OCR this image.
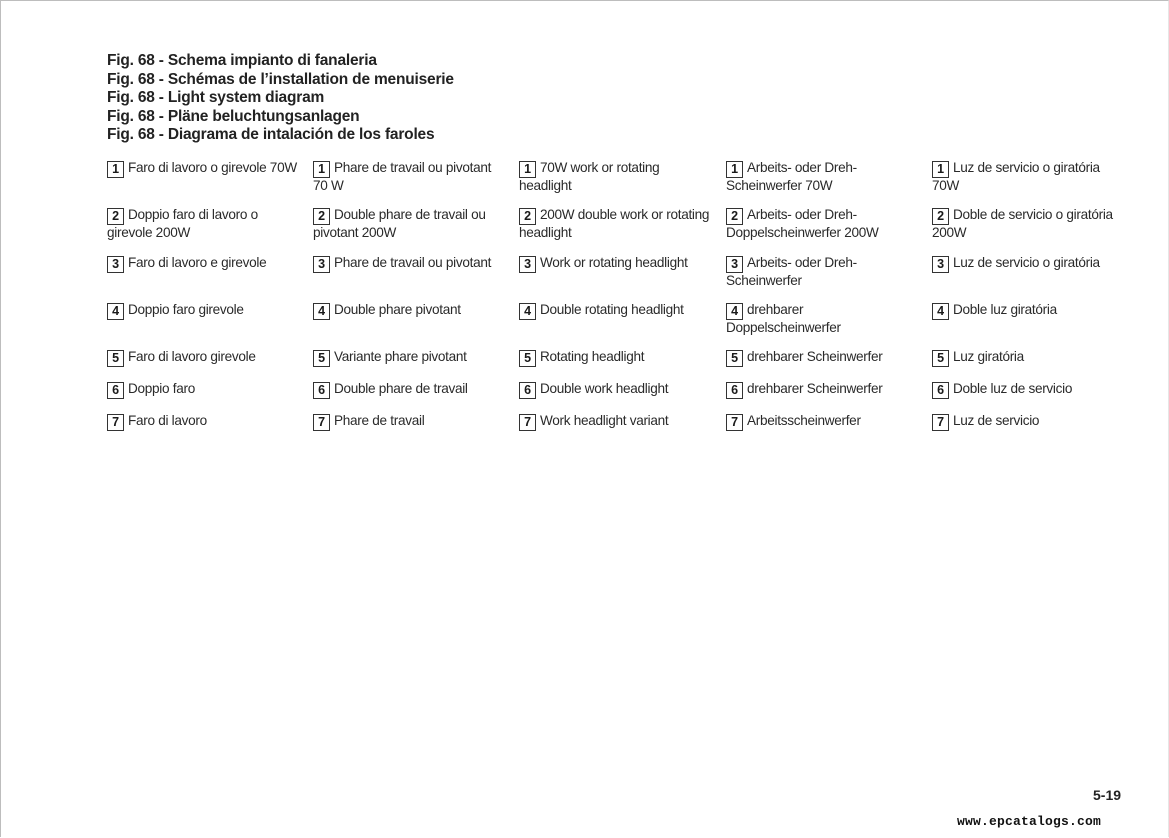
Fig. 68 - Schema impianto di fanaleria
Fig. 68 - Schémas de l’installation de menuiserie
Fig. 68 - Light system diagram
Fig. 68 - Pläne beluchtungsanlagen
Fig. 68 - Diagrama de intalación de los faroles
1 Faro di lavoro o girevole 70W
2 Doppio faro di lavoro o girevole 200W
3 Faro di lavoro e girevole
4 Doppio faro girevole
5 Faro di lavoro girevole
6 Doppio faro
7 Faro di lavoro
1 Phare de travail ou pivotant 70 W
2 Double phare de travail ou pivotant 200W
3 Phare de travail ou pivotant
4 Double phare pivotant
5 Variante phare pivotant
6 Double phare de travail
7 Phare de travail
1 70W work or rotating headlight
2 200W double work or rotating headlight
3 Work or rotating headlight
4 Double rotating headlight
5 Rotating headlight
6 Double work headlight
7 Work headlight variant
1 Arbeits- oder Dreh-Scheinwerfer 70W
2 Arbeits- oder Dreh-Doppelscheinwerfer 200W
3 Arbeits- oder Dreh-Scheinwerfer
4 drehbarer Doppelscheinwerfer
5 drehbarer Scheinwerfer
6 drehbarer Scheinwerfer
7 Arbeitsscheinwerfer
1 Luz de servicio o giratória 70W
2 Doble de servicio o giratória 200W
3 Luz de servicio o giratória
4 Doble luz giratória
5 Luz giratória
6 Doble luz de servicio
7 Luz de servicio
5-19
www.epcatalogs.com
